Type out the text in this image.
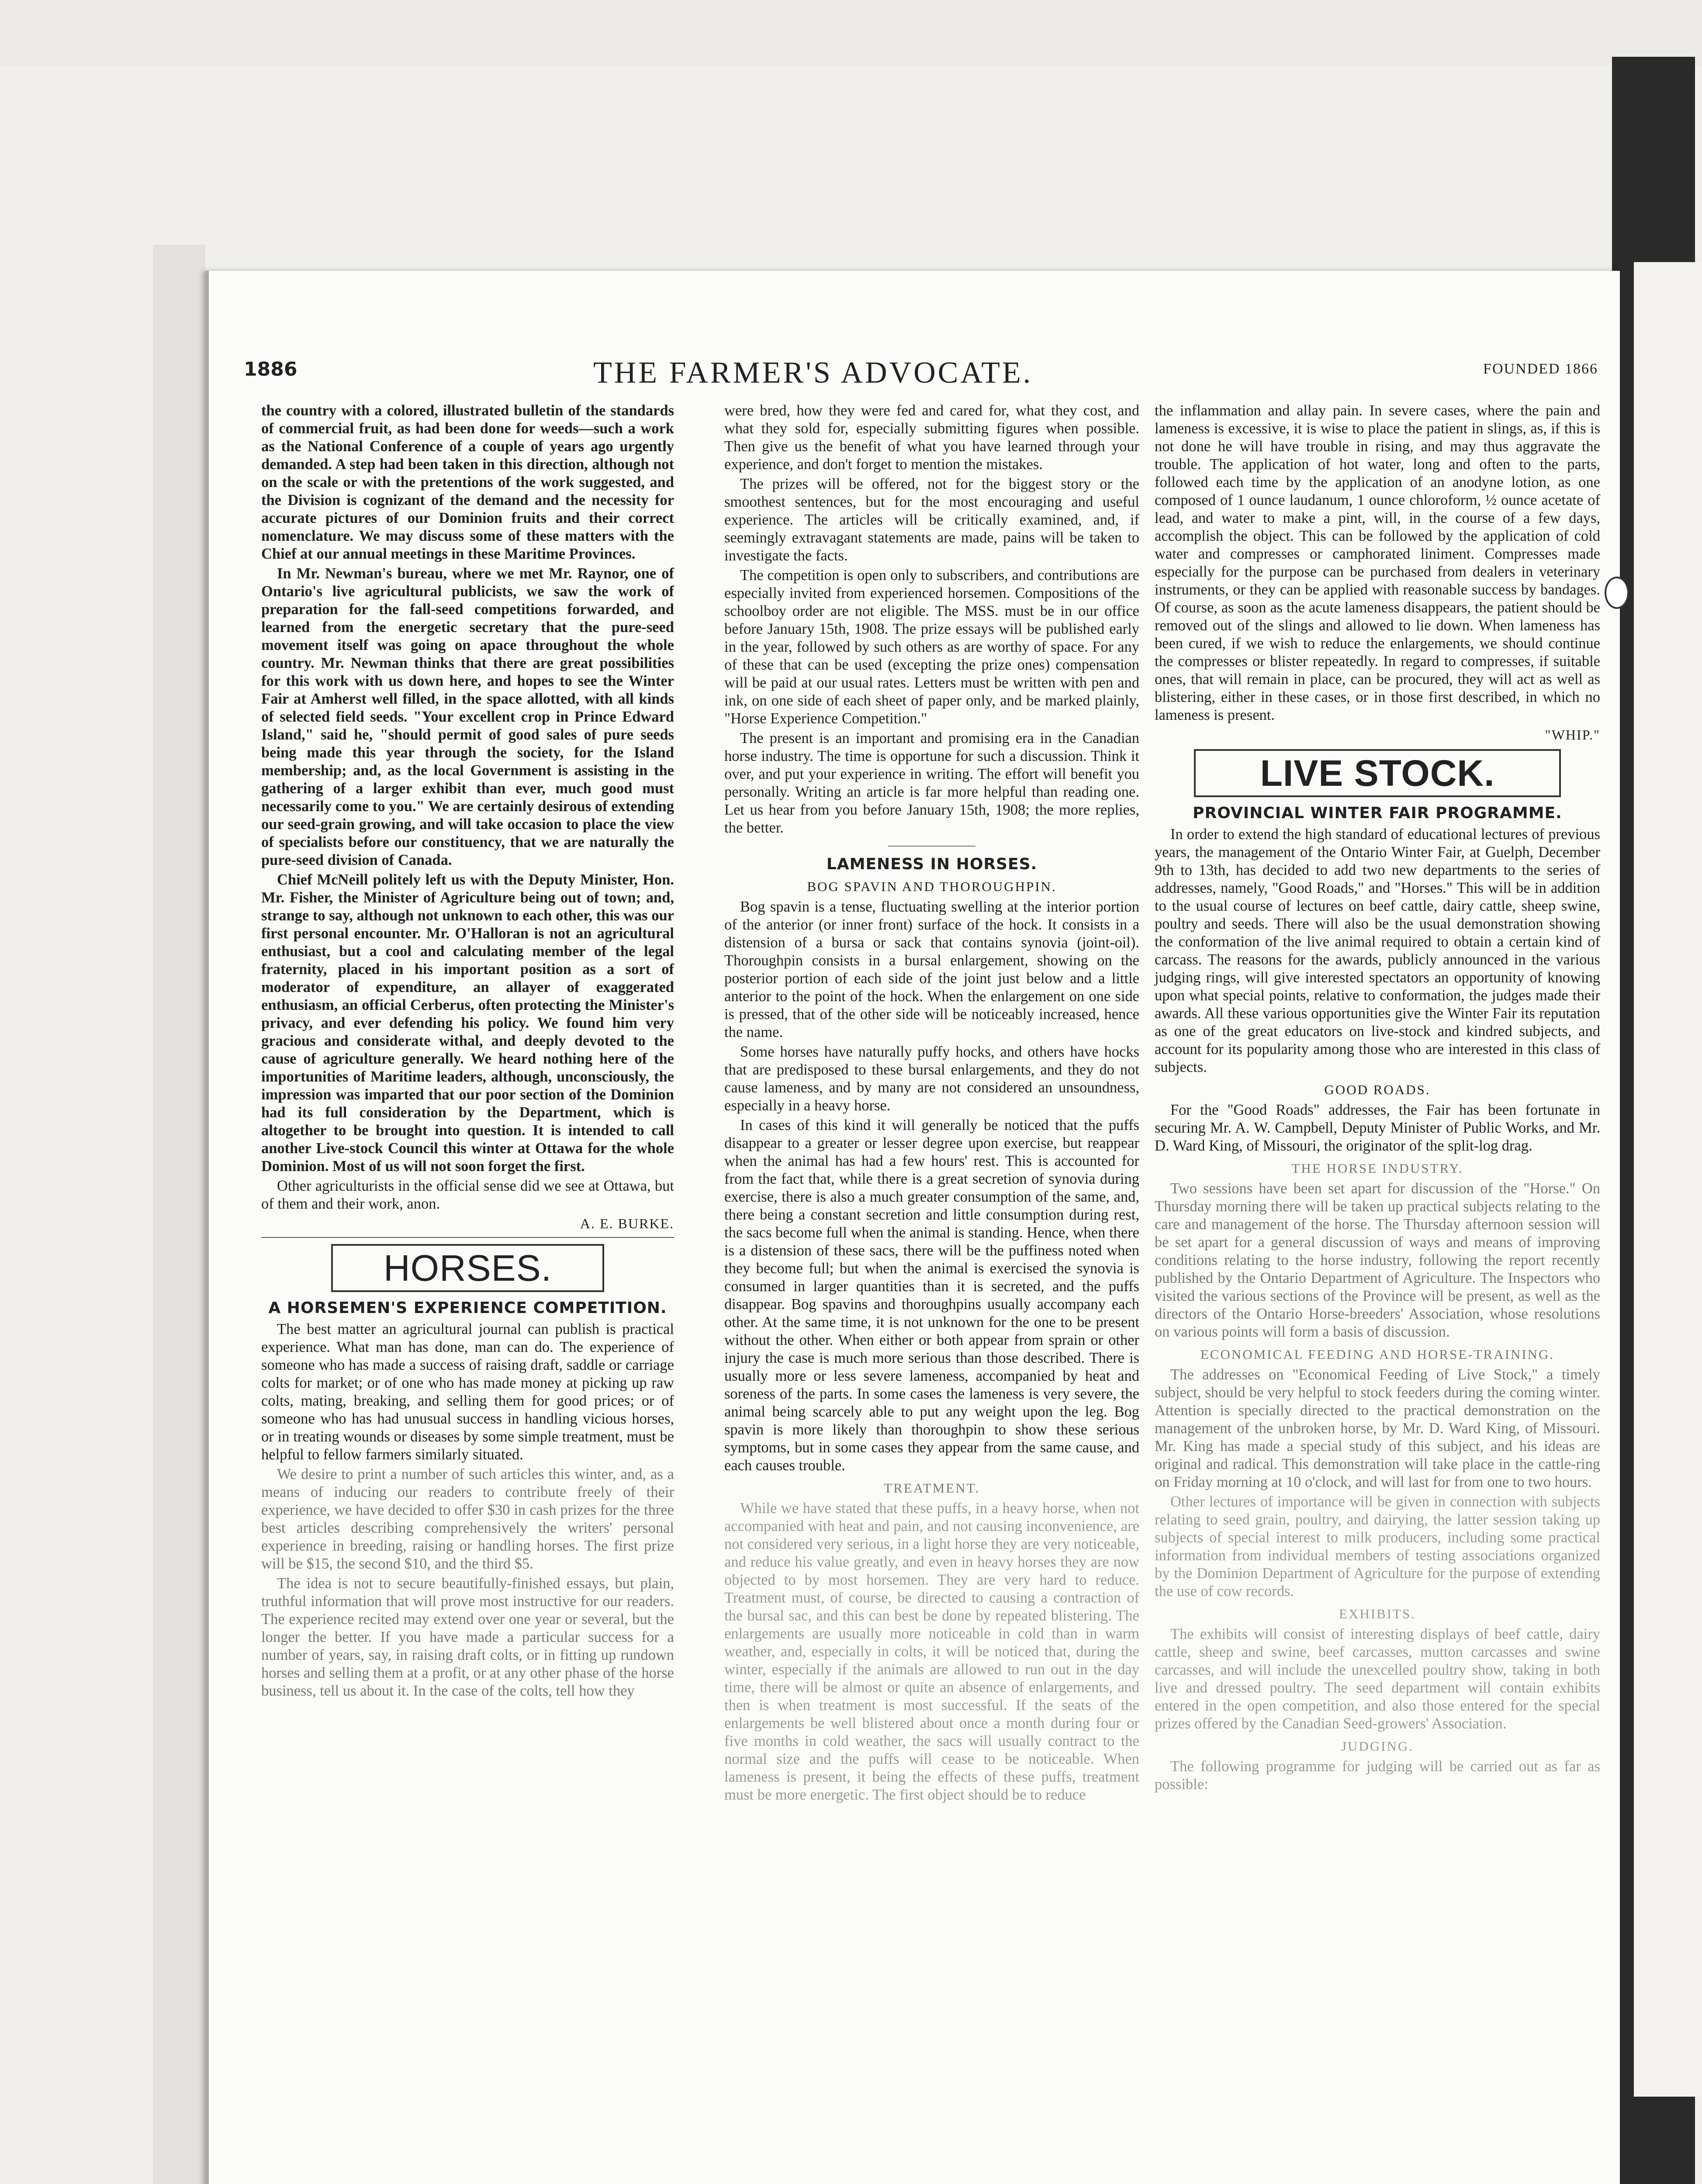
1886	THE FARMER'S ADVOCATE.	FOUNDED 1866

the country with a colored, illustrated bulletin of the standards of commercial fruit, as had been done for weeds—such a work as the National Conference of a couple of years ago urgently demanded. A step had been taken in this direction, although not on the scale or with the pretentions of the work suggested, and the Division is cognizant of the demand and the necessity for accurate pictures of our Dominion fruits and their correct nomenclature. We may discuss some of these matters with the Chief at our annual meetings in these Maritime Provinces.

In Mr. Newman's bureau, where we met Mr. Raynor, one of Ontario's live agricultural publicists, we saw the work of preparation for the fall-seed competitions forwarded, and learned from the energetic secretary that the pure-seed movement itself was going on apace throughout the whole country. Mr. Newman thinks that there are great possibilities for this work with us down here, and hopes to see the Winter Fair at Amherst well filled, in the space allotted, with all kinds of selected field seeds. "Your excellent crop in Prince Edward Island," said he, "should permit of good sales of pure seeds being made this year through the society, for the Island membership; and, as the local Government is assisting in the gathering of a larger exhibit than ever, much good must necessarily come to you." We are certainly desirous of extending our seed-grain growing, and will take occasion to place the view of specialists before our constituency, that we are naturally the pure-seed division of Canada.

Chief McNeill politely left us with the Deputy Minister, Hon. Mr. Fisher, the Minister of Agriculture being out of town; and, strange to say, although not unknown to each other, this was our first personal encounter. Mr. O'Halloran is not an agricultural enthusiast, but a cool and calculating member of the legal fraternity, placed in his important position as a sort of moderator of expenditure, an allayer of exaggerated enthusiasm, an official Cerberus, often protecting the Minister's privacy, and ever defending his policy. We found him very gracious and considerate withal, and deeply devoted to the cause of agriculture generally. We heard nothing here of the importunities of Maritime leaders, although, unconsciously, the impression was imparted that our poor section of the Dominion had its full consideration by the Department, which is altogether to be brought into question. It is intended to call another Live-stock Council this winter at Ottawa for the whole Dominion. Most of us will not soon forget the first.

Other agriculturists in the official sense did we see at Ottawa, but of them and their work, anon.

A. E. BURKE.
HORSES.
A HORSEMEN'S EXPERIENCE COMPETITION.

The best matter an agricultural journal can publish is practical experience. What man has done, man can do. The experience of someone who has made a success of raising draft, saddle or carriage colts for market; or of one who has made money at picking up raw colts, mating, breaking, and selling them for good prices; or of someone who has had unusual success in handling vicious horses, or in treating wounds or diseases by some simple treatment, must be helpful to fellow farmers similarly situated.

We desire to print a number of such articles this winter, and, as a means of inducing our readers to contribute freely of their experience, we have decided to offer $30 in cash prizes for the three best articles describing comprehensively the writers' personal experience in breeding, raising or handling horses. The first prize will be $15, the second $10, and the third $5.

The idea is not to secure beautifully-finished essays, but plain, truthful information that will prove most instructive for our readers. The experience recited may extend over one year or several, but the longer the better. If you have made a particular success for a number of years, say, in raising draft colts, or in fitting up rundown horses and selling them at a profit, or at any other phase of the horse business, tell us about it. In the case of the colts, tell how they

were bred, how they were fed and cared for, what they cost, and what they sold for, especially submitting figures when possible. Then give us the benefit of what you have learned through your experience, and don't forget to mention the mistakes.

The prizes will be offered, not for the biggest story or the smoothest sentences, but for the most encouraging and useful experience. The articles will be critically examined, and, if seemingly extravagant statements are made, pains will be taken to investigate the facts.

The competition is open only to subscribers, and contributions are especially invited from experienced horsemen. Compositions of the schoolboy order are not eligible. The MSS. must be in our office before January 15th, 1908. The prize essays will be published early in the year, followed by such others as are worthy of space. For any of these that can be used (excepting the prize ones) compensation will be paid at our usual rates. Letters must be written with pen and ink, on one side of each sheet of paper only, and be marked plainly, "Horse Experience Competition."

The present is an important and promising era in the Canadian horse industry. The time is opportune for such a discussion. Think it over, and put your experience in writing. The effort will benefit you personally. Writing an article is far more helpful than reading one. Let us hear from you before January 15th, 1908; the more replies, the better.

LAMENESS IN HORSES.
BOG SPAVIN AND THOROUGHPIN.

Bog spavin is a tense, fluctuating swelling at the interior portion of the anterior (or inner front) surface of the hock. It consists in a distension of a bursa or sack that contains synovia (joint-oil). Thoroughpin consists in a bursal enlargement, showing on the posterior portion of each side of the joint just below and a little anterior to the point of the hock. When the enlargement on one side is pressed, that of the other side will be noticeably increased, hence the name.

Some horses have naturally puffy hocks, and others have hocks that are predisposed to these bursal enlargements, and they do not cause lameness, and by many are not considered an unsoundness, especially in a heavy horse.

In cases of this kind it will generally be noticed that the puffs disappear to a greater or lesser degree upon exercise, but reappear when the animal has had a few hours' rest. This is accounted for from the fact that, while there is a great secretion of synovia during exercise, there is also a much greater consumption of the same, and, there being a constant secretion and little consumption during rest, the sacs become full when the animal is standing. Hence, when there is a distension of these sacs, there will be the puffiness noted when they become full; but when the animal is exercised the synovia is consumed in larger quantities than it is secreted, and the puffs disappear. Bog spavins and thoroughpins usually accompany each other. At the same time, it is not unknown for the one to be present without the other. When either or both appear from sprain or other injury the case is much more serious than those described. There is usually more or less severe lameness, accompanied by heat and soreness of the parts. In some cases the lameness is very severe, the animal being scarcely able to put any weight upon the leg. Bog spavin is more likely than thoroughpin to show these serious symptoms, but in some cases they appear from the same cause, and each causes trouble.

TREATMENT.

While we have stated that these puffs, in a heavy horse, when not accompanied with heat and pain, and not causing inconvenience, are not considered very serious, in a light horse they are very noticeable, and reduce his value greatly, and even in heavy horses they are now objected to by most horsemen. They are very hard to reduce. Treatment must, of course, be directed to causing a contraction of the bursal sac, and this can best be done by repeated blistering. The enlargements are usually more noticeable in cold than in warm weather, and, especially in colts, it will be noticed that, during the winter, especially if the animals are allowed to run out in the day time, there will be almost or quite an absence of enlargements, and then is when treatment is most successful. If the seats of the enlargements be well blistered about once a month during four or five months in cold weather, the sacs will usually contract to the normal size and the puffs will cease to be noticeable. When lameness is present, it being the effects of these puffs, treatment must be more energetic. The first object should be to reduce

the inflammation and allay pain. In severe cases, where the pain and lameness is excessive, it is wise to place the patient in slings, as, if this is not done he will have trouble in rising, and may thus aggravate the trouble. The application of hot water, long and often to the parts, followed each time by the application of an anodyne lotion, as one composed of 1 ounce laudanum, 1 ounce chloroform, ½ ounce acetate of lead, and water to make a pint, will, in the course of a few days, accomplish the object. This can be followed by the application of cold water and compresses or camphorated liniment. Compresses made especially for the purpose can be purchased from dealers in veterinary instruments, or they can be applied with reasonable success by bandages. Of course, as soon as the acute lameness disappears, the patient should be removed out of the slings and allowed to lie down. When lameness has been cured, if we wish to reduce the enlargements, we should continue the compresses or blister repeatedly. In regard to compresses, if suitable ones, that will remain in place, can be procured, they will act as well as blistering, either in these cases, or in those first described, in which no lameness is present.

"WHIP."
LIVE STOCK.
PROVINCIAL WINTER FAIR PROGRAMME.

In order to extend the high standard of educational lectures of previous years, the management of the Ontario Winter Fair, at Guelph, December 9th to 13th, has decided to add two new departments to the series of addresses, namely, "Good Roads," and "Horses." This will be in addition to the usual course of lectures on beef cattle, dairy cattle, sheep swine, poultry and seeds. There will also be the usual demonstration showing the conformation of the live animal required to obtain a certain kind of carcass. The reasons for the awards, publicly announced in the various judging rings, will give interested spectators an opportunity of knowing upon what special points, relative to conformation, the judges made their awards. All these various opportunities give the Winter Fair its reputation as one of the great educators on live-stock and kindred subjects, and account for its popularity among those who are interested in this class of subjects.

GOOD ROADS.

For the "Good Roads" addresses, the Fair has been fortunate in securing Mr. A. W. Campbell, Deputy Minister of Public Works, and Mr. D. Ward King, of Missouri, the originator of the split-log drag.

THE HORSE INDUSTRY.

Two sessions have been set apart for discussion of the "Horse." On Thursday morning there will be taken up practical subjects relating to the care and management of the horse. The Thursday afternoon session will be set apart for a general discussion of ways and means of improving conditions relating to the horse industry, following the report recently published by the Ontario Department of Agriculture. The Inspectors who visited the various sections of the Province will be present, as well as the directors of the Ontario Horse-breeders' Association, whose resolutions on various points will form a basis of discussion.

ECONOMICAL FEEDING AND HORSE-TRAINING.

The addresses on "Economical Feeding of Live Stock," a timely subject, should be very helpful to stock feeders during the coming winter. Attention is specially directed to the practical demonstration on the management of the unbroken horse, by Mr. D. Ward King, of Missouri. Mr. King has made a special study of this subject, and his ideas are original and radical. This demonstration will take place in the cattle-ring on Friday morning at 10 o'clock, and will last for from one to two hours.

Other lectures of importance will be given in connection with subjects relating to seed grain, poultry, and dairying, the latter session taking up subjects of special interest to milk producers, including some practical information from individual members of testing associations organized by the Dominion Department of Agriculture for the purpose of extending the use of cow records.

EXHIBITS.

The exhibits will consist of interesting displays of beef cattle, dairy cattle, sheep and swine, beef carcasses, mutton carcasses and swine carcasses, and will include the unexcelled poultry show, taking in both live and dressed poultry. The seed department will contain exhibits entered in the open competition, and also those entered for the special prizes offered by the Canadian Seed-growers' Association.

JUDGING.

The following programme for judging will be carried out as far as possible:
